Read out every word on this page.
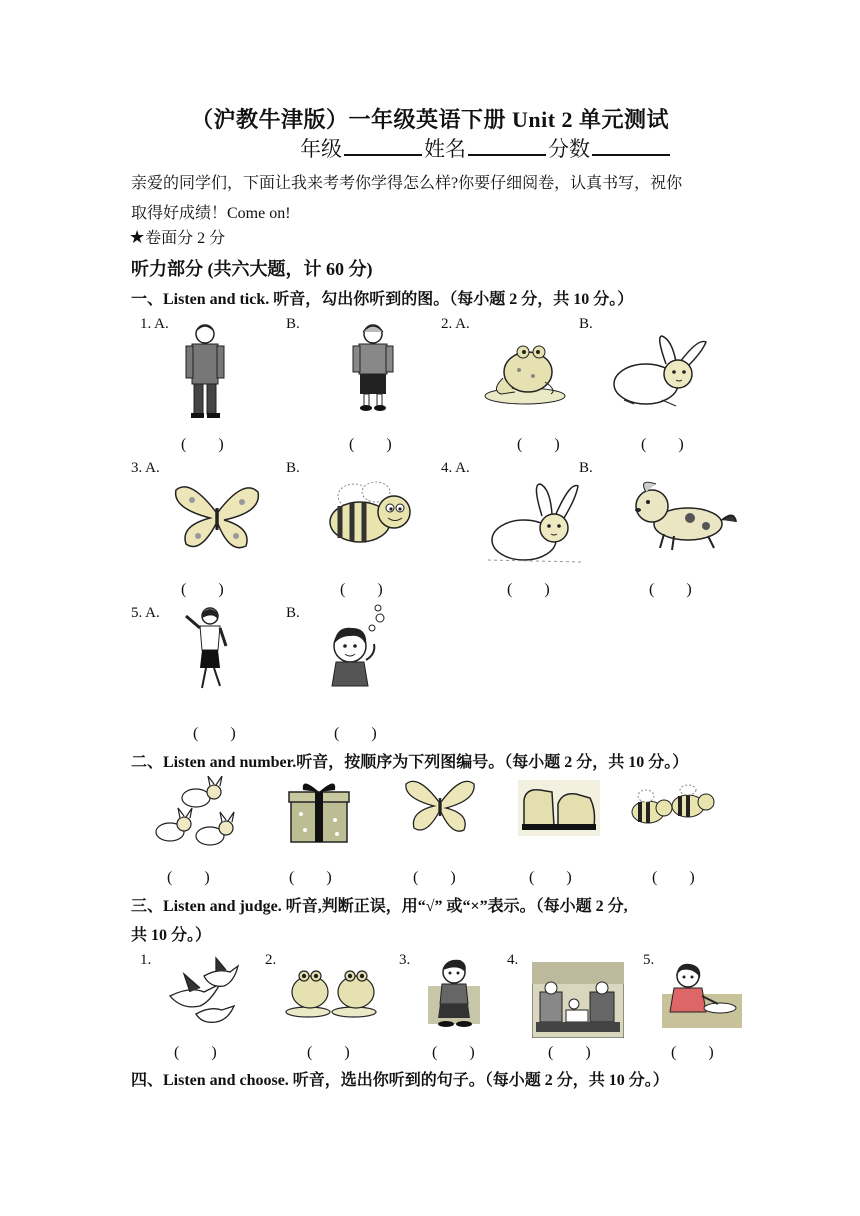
（沪教牛津版）一年级英语下册 Unit 2 单元测试
年级	姓名	分数
亲爱的同学们，下面让我来考考你学得怎么样?你要仔细阅卷，认真书写，祝你
取得好成绩！Come on!
★卷面分 2 分
听力部分 (共六大题，计 60 分)
一、Listen and tick. 听音，勾出你听到的图。（每小题 2 分，共 10 分。）
1. A.	B.	2. A.	B.
(　　)	(　　)	(　　)	(　　)
3. A.	B.	4. A.	B.
(　　)	(　　)	(　　)	(　　)
5. A.	B.
(　　)	(　　)
二、Listen and number.听音，按顺序为下列图编号。（每小题 2 分，共 10 分。）
(　　)	(　　)	(　　)	(　　)	(　　)
三、Listen and judge. 听音,判断正误，用“√” 或“×”表示。（每小题 2 分,
共 10 分。）
1.	2.	3.	4.	5.
(　　)	(　　)	(　　)	(　　)	(　　)
四、Listen and choose. 听音，选出你听到的句子。（每小题 2 分，共 10 分。）
